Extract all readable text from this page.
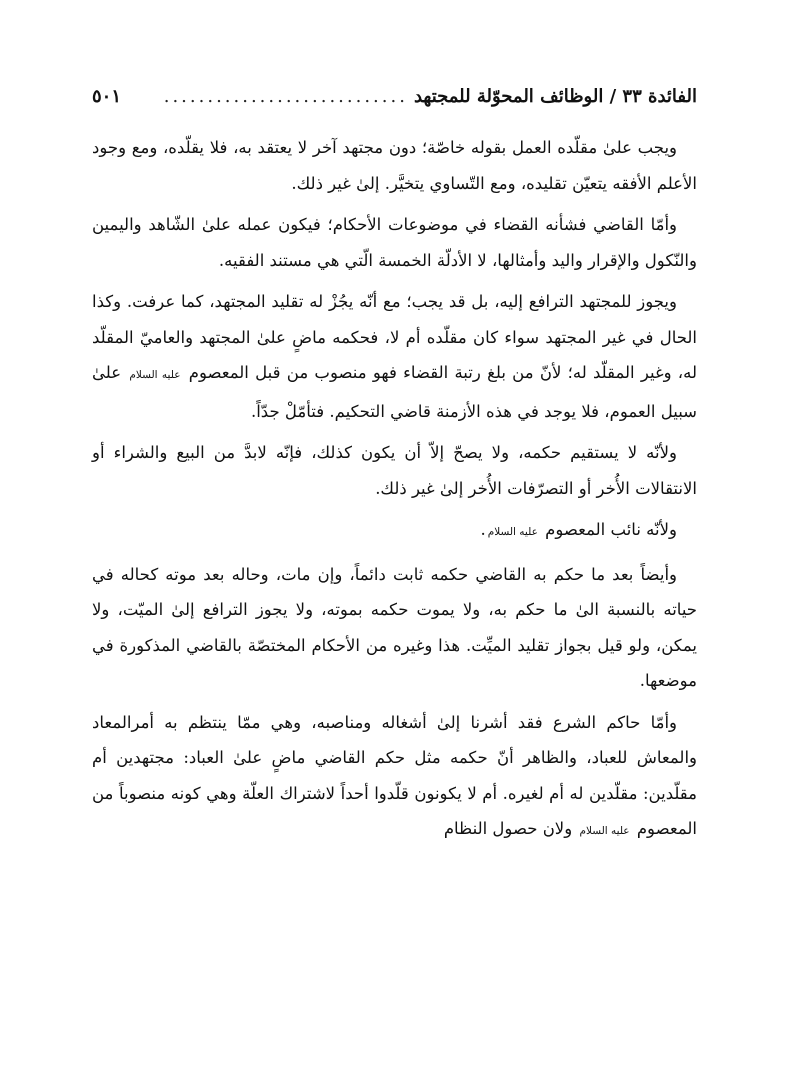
الفائدة ٣٣ / الوظائف المحوّلة للمجتهد
............................
٥٠١

ويجب علىٰ مقلّده العمل بقوله خاصّة؛ دون مجتهد آخر لا يعتقد به، فلا يقلّده، ومع وجود الأعلم الأفقه يتعيّن تقليده، ومع التّساوي يتخيَّر. إلىٰ غير ذلك.

وأمّا القاضي فشأنه القضاء في موضوعات الأحكام؛ فيكون عمله علىٰ الشّاهد واليمين والنّكول والإقرار واليد وأمثالها، لا الأدلّة الخمسة الّتي هي مستند الفقيه.

ويجوز للمجتهد الترافع إليه، بل قد يجب؛ مع أنّه يجُزْ له تقليد المجتهد، كما عرفت. وكذا الحال في غير المجتهد سواء كان مقلّده أم لا، فحكمه ماضٍ علىٰ المجتهد والعاميّ المقلّد له، وغير المقلّد له؛ لأنّ من بلغ رتبة القضاء فهو منصوب من قبل المعصوم عليه السلام علىٰ سبيل العموم، فلا يوجد في هذه الأزمنة قاضي التحكيم. فتأمّلْ جدّاً.

ولأنّه لا يستقيم حكمه، ولا يصحّ إلاّ أن يكون كذلك، فإنّه لابدَّ من البيع والشراء أو الانتقالات الأُخر أو التصرّفات الأُخر إلىٰ غير ذلك.

ولأنّه نائب المعصوم عليه السلام.

وأيضاً بعد ما حكم به القاضي حكمه ثابت دائماً، وإن مات، وحاله بعد موته كحاله في حياته بالنسبة الىٰ ما حكم به، ولا يموت حكمه بموته، ولا يجوز الترافع إلىٰ الميّت، ولا يمكن، ولو قيل بجواز تقليد الميِّت. هذا وغيره من الأحكام المختصّة بالقاضي المذكورة في موضعها.

وأمّا حاكم الشرع فقد أشرنا إلىٰ أشغاله ومناصبه، وهي ممّا ينتظم به أمرالمعاد والمعاش للعباد، والظاهر أنّ حكمه مثل حكم القاضي ماضٍ علىٰ العباد: مجتهدين أم مقلّدين: مقلّدين له أم لغيره. أم لا يكونون قلّدوا أحداً لاشتراك العلّة وهي كونه منصوباً من المعصوم عليه السلام ولان حصول النظام
